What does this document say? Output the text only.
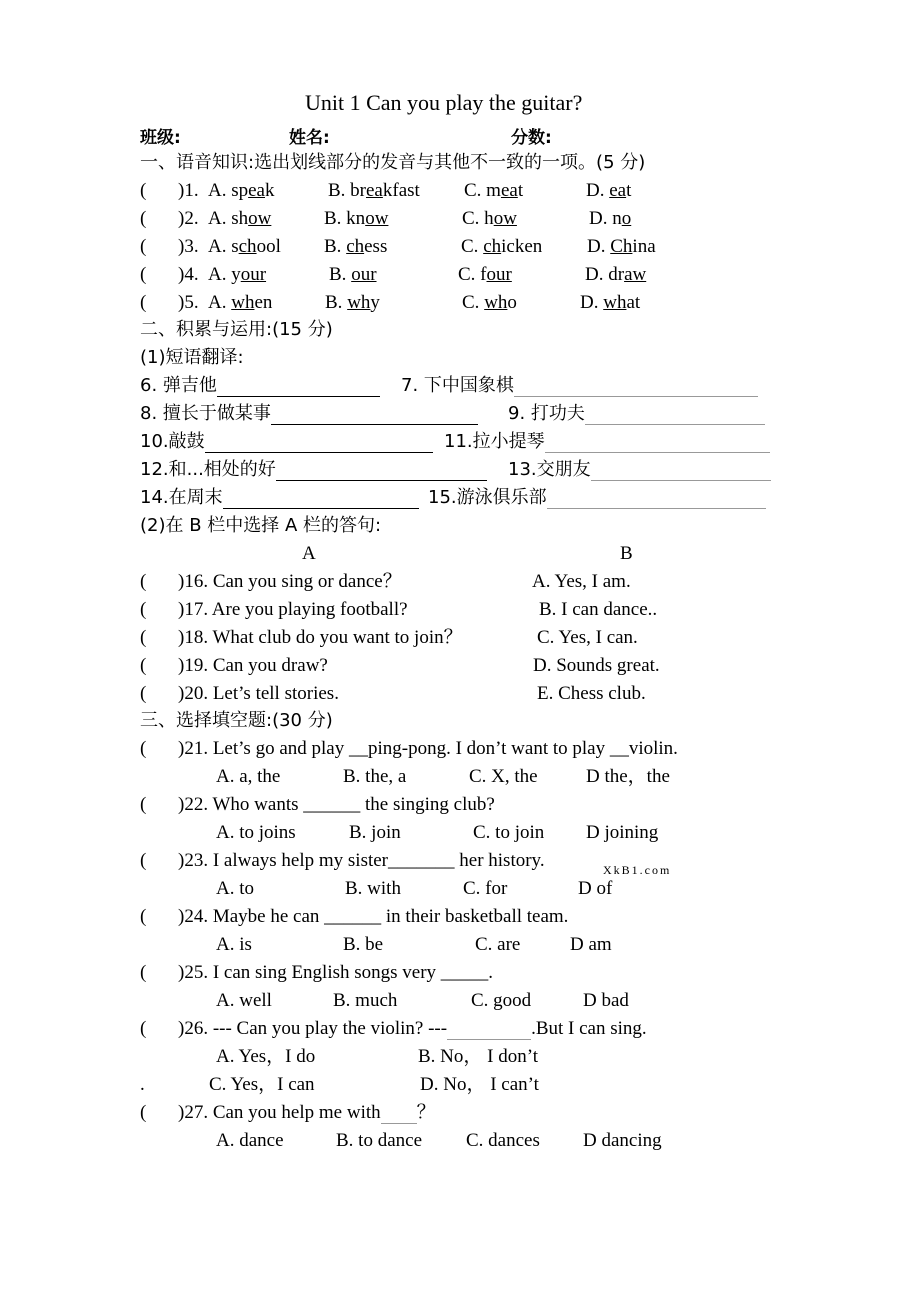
Unit 1 Can you play the guitar?
班级:	姓名:	分数:
一、语音知识:选出划线部分的发音与其他不一致的一项。(5 分)
( )1. A. speak	B. breakfast C. meat	D. eat
( )2. A. show	B. know	C. how	D. no
( )3. A. school B. chess	C. chicken D. China
( )4. A. your	B. our	C. four	D. draw
( )5. A. when	B. why	C. who	D. what
二、积累与运用:(15 分)
(1)短语翻译:
6. 弹吉他	7. 下中国象棋
8. 擅长于做某事	9. 打功夫
10.敲鼓	11.拉小提琴
12.和...相处的好	13.交朋友
14.在周末	15.游泳俱乐部
(2)在 B 栏中选择 A 栏的答句:
A	B
( )16. Can you sing or dance？	A. Yes, I am.
( )17. Are you playing football?	B. I can dance..
( )18. What club do you want to join？	C. Yes, I can.
( )19. Can you draw?	D. Sounds great.
( )20. Let’s tell stories.	E. Chess club.
三、选择填空题:(30 分)
( )21. Let’s go and play __ping-pong. I don’t want to play __violin.
A. a, the	B. the, a	C. X, the	D the，the
( )22. Who wants ______ the singing club?
A. to joins	B. join	C. to join D joining
( )23. I always help my sister_______ her history.
A. to	B. with	C. for	D of
( )24. Maybe he can ______ in their basketball team.
A. is	B. be	C. are	D am
( )25. I can sing English songs very _____.
A. well	B. much	C. good	D bad
( )26. --- Can you play the violin? ---	.But I can sing.
A. Yes，I do	B. No， I don’t
.	C. Yes，I can	D. No， I can’t
( )27. Can you help me with ？
A. dance	B. to dance C. dances D dancing
XkB1.com
